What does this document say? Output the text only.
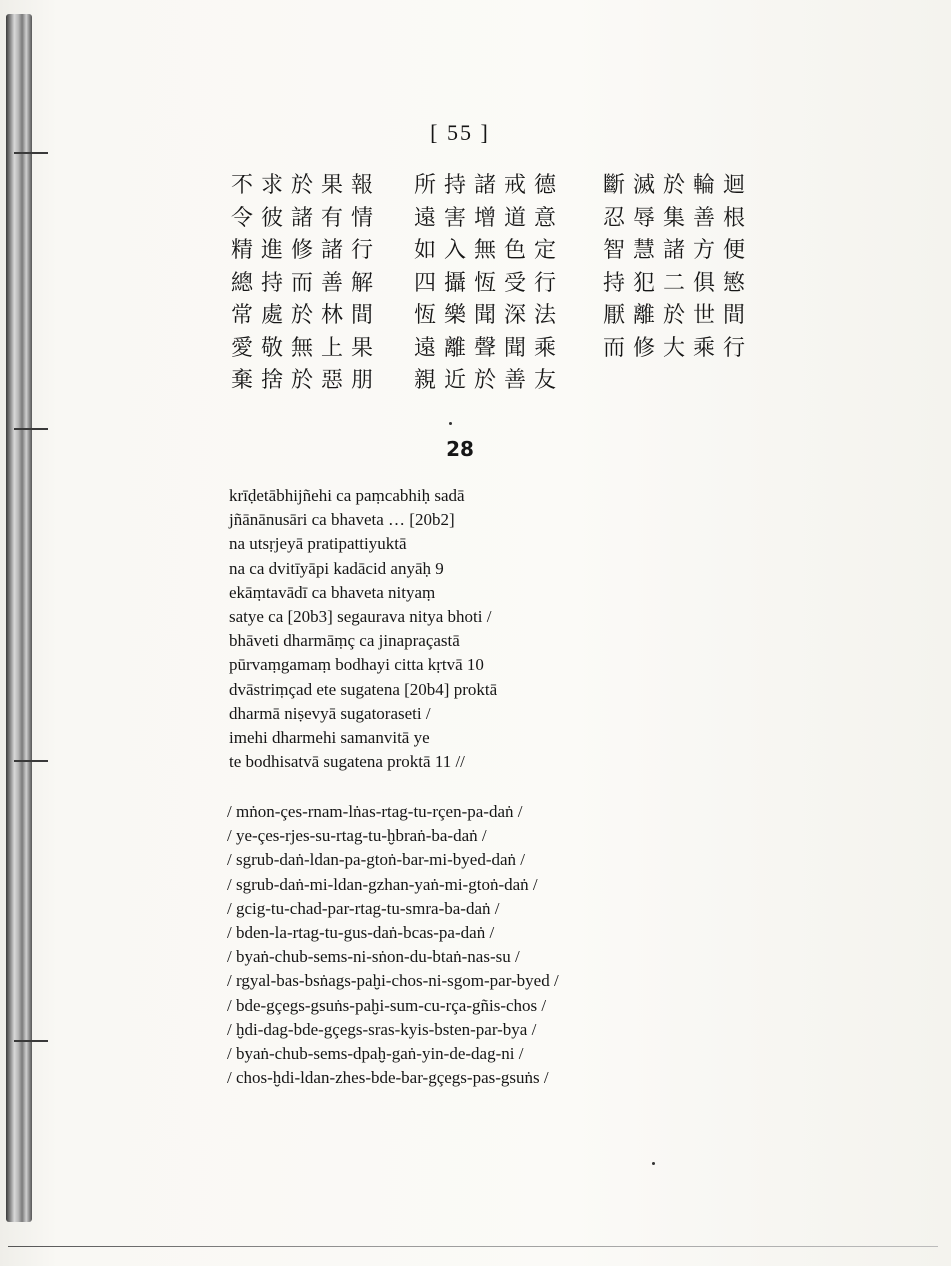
[ 55 ]
不求於果報
令彼諸有情
精進修諸行
總持而善解
常處於林間
愛敬無上果
棄捨於惡朋
所持諸戒德
遠害增道意
如入無色定
四攝恆受行
恆樂聞深法
遠離聲聞乘
親近於善友
斷滅於輪迴
忍辱集善根
智慧諸方便
持犯二俱慜
厭離於世間
而修大乘行
28
krīḍetābhijñehi ca paṃcabhiḥ sadā
jñānānusāri ca bhaveta … [20b2]
na utsṛjeyā pratipattiyuktā
na ca dvitīyāpi kadācid anyāḥ 9
ekāṃtavādī ca bhaveta nityaṃ
satye ca [20b3] segaurava nitya bhoti /
bhāveti dharmāṃç ca jinapraçastā
pūrvaṃgamaṃ bodhayi citta kṛtvā 10
dvāstriṃçad ete sugatena [20b4] proktā
dharmā niṣevyā sugatoraseti /
imehi dharmehi samanvitā ye
te bodhisatvā sugatena proktā 11 //
/ mṅon-çes-rnam-lṅas-rtag-tu-rçen-pa-daṅ /
/ ye-çes-rjes-su-rtag-tu-ḫbraṅ-ba-daṅ /
/ sgrub-daṅ-ldan-pa-gtoṅ-bar-mi-byed-daṅ /
/ sgrub-daṅ-mi-ldan-gzhan-yaṅ-mi-gtoṅ-daṅ /
/ gcig-tu-chad-par-rtag-tu-smra-ba-daṅ /
/ bden-la-rtag-tu-gus-daṅ-bcas-pa-daṅ /
/ byaṅ-chub-sems-ni-sṅon-du-btaṅ-nas-su /
/ rgyal-bas-bsṅags-paḫi-chos-ni-sgom-par-byed /
/ bde-gçegs-gsuṅs-paḫi-sum-cu-rça-gñis-chos /
/ ḫdi-dag-bde-gçegs-sras-kyis-bsten-par-bya /
/ byaṅ-chub-sems-dpaḫ-gaṅ-yin-de-dag-ni /
/ chos-ḫdi-ldan-zhes-bde-bar-gçegs-pas-gsuṅs /
